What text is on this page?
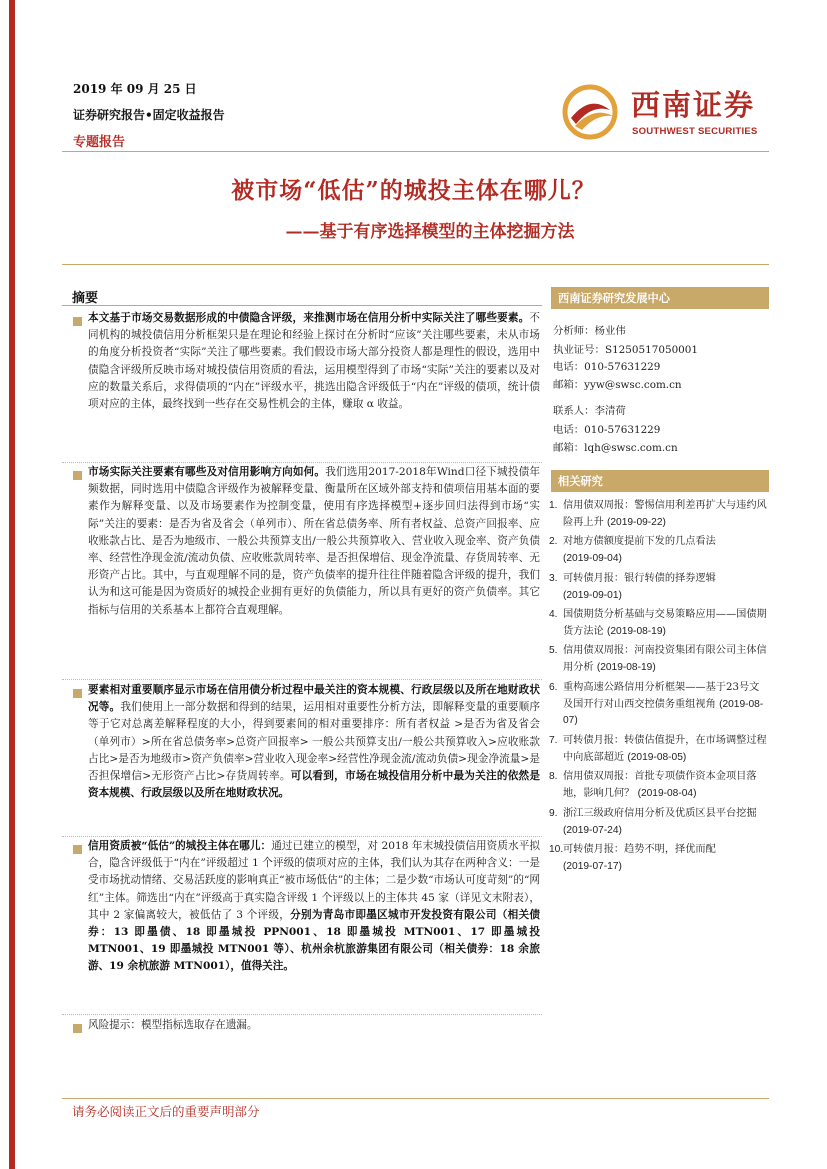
2019 年 09 月 25 日
证券研究报告•固定收益报告
专题报告
西南证券
SOUTHWEST SECURITIES
被市场“低估”的城投主体在哪儿？
——基于有序选择模型的主体挖掘方法
摘要
本文基于市场交易数据形成的中债隐含评级，来推测市场在信用分析中实际关注了哪些要素。不同机构的城投债信用分析框架只是在理论和经验上探讨在分析时“应该”关注哪些要素，未从市场的角度分析投资者“实际”关注了哪些要素。我们假设市场大部分投资人都是理性的假设，选用中债隐含评级所反映市场对城投债信用资质的看法，运用模型得到了市场“实际”关注的要素以及对应的数量关系后，求得债项的“内在”评级水平，挑选出隐含评级低于“内在”评级的债项，统计债项对应的主体，最终找到一些存在交易性机会的主体，赚取 α 收益。
市场实际关注要素有哪些及对信用影响方向如何。我们选用2017-2018年Wind口径下城投债年频数据，同时选用中债隐含评级作为被解释变量、衡量所在区域外部支持和债项信用基本面的要素作为解释变量、以及市场要素作为控制变量，使用有序选择模型+逐步回归法得到市场“实际”关注的要素：是否为省及省会（单列市）、所在省总债务率、所有者权益、总资产回报率、应收账款占比、是否为地级市、一般公共预算支出/一般公共预算收入、营业收入现金率、资产负债率、经营性净现金流/流动负债、应收账款周转率、是否担保增信、现金净流量、存货周转率、无形资产占比。其中，与直观理解不同的是，资产负债率的提升往往伴随着隐含评级的提升，我们认为和这可能是因为资质好的城投企业拥有更好的负债能力，所以具有更好的资产负债率。其它指标与信用的关系基本上都符合直观理解。
要素相对重要顺序显示市场在信用债分析过程中最关注的资本规模、行政层级以及所在地财政状况等。我们使用上一部分数据和得到的结果，运用相对重要性分析方法，即解释变量的重要顺序等于它对总离差解释程度的大小，得到要素间的相对重要排序：所有者权益 >是否为省及省会（单列市）>所在省总债务率>总资产回报率> 一般公共预算支出/一般公共预算收入>应收账款占比>是否为地级市>资产负债率>营业收入现金率>经营性净现金流/流动负债>现金净流量>是否担保增信>无形资产占比>存货周转率。可以看到，市场在城投信用分析中最为关注的依然是资本规模、行政层级以及所在地财政状况。
信用资质被“低估”的城投主体在哪儿：通过已建立的模型，对 2018 年末城投债信用资质水平拟合，隐含评级低于“内在”评级超过 1 个评级的债项对应的主体，我们认为其存在两种含义：一是受市场扰动情绪、交易活跃度的影响真正“被市场低估”的主体；二是少数“市场认可度苛刻”的“网红”主体。筛选出“内在”评级高于真实隐含评级 1 个评级以上的主体共 45 家（详见文末附表），其中 2 家偏离较大，被低估了 3 个评级，分别为青岛市即墨区城市开发投资有限公司（相关债券：13 即墨债、18 即墨城投 PPN001、18 即墨城投 MTN001、17 即墨城投 MTN001、19 即墨城投 MTN001 等）、杭州余杭旅游集团有限公司（相关债券：18 余旅游、19 余杭旅游 MTN001），值得关注。
风险提示：模型指标选取存在遗漏。
西南证券研究发展中心
分析师：杨业伟
执业证号：S1250517050001
电话：010-57631229
邮箱：yyw@swsc.com.cn
联系人：李清荷
电话：010-57631229
邮箱：lqh@swsc.com.cn
相关研究
1. 信用债双周报：警惕信用利差再扩大与违约风险再上升 (2019-09-22)
2. 对地方债额度提前下发的几点看法
(2019-09-04)
3. 可转债月报：银行转债的择券逻辑
(2019-09-01)
4. 国债期货分析基础与交易策略应用——国债期货方法论 (2019-08-19)
5. 信用债双周报：河南投资集团有限公司主体信用分析 (2019-08-19)
6. 重构高速公路信用分析框架——基于23号文及国开行对山西交控债务重组视角 (2019-08-07)
7. 可转债月报：转债估值提升，在市场调整过程中向底部超近 (2019-08-05)
8. 信用债双周报：首批专项债作资本金项目落地，影响几何？ (2019-08-04)
9. 浙江三级政府信用分析及优质区县平台挖掘 (2019-07-24)
10. 可转债月报：趋势不明，择优而配
(2019-07-17)
请务必阅读正文后的重要声明部分
